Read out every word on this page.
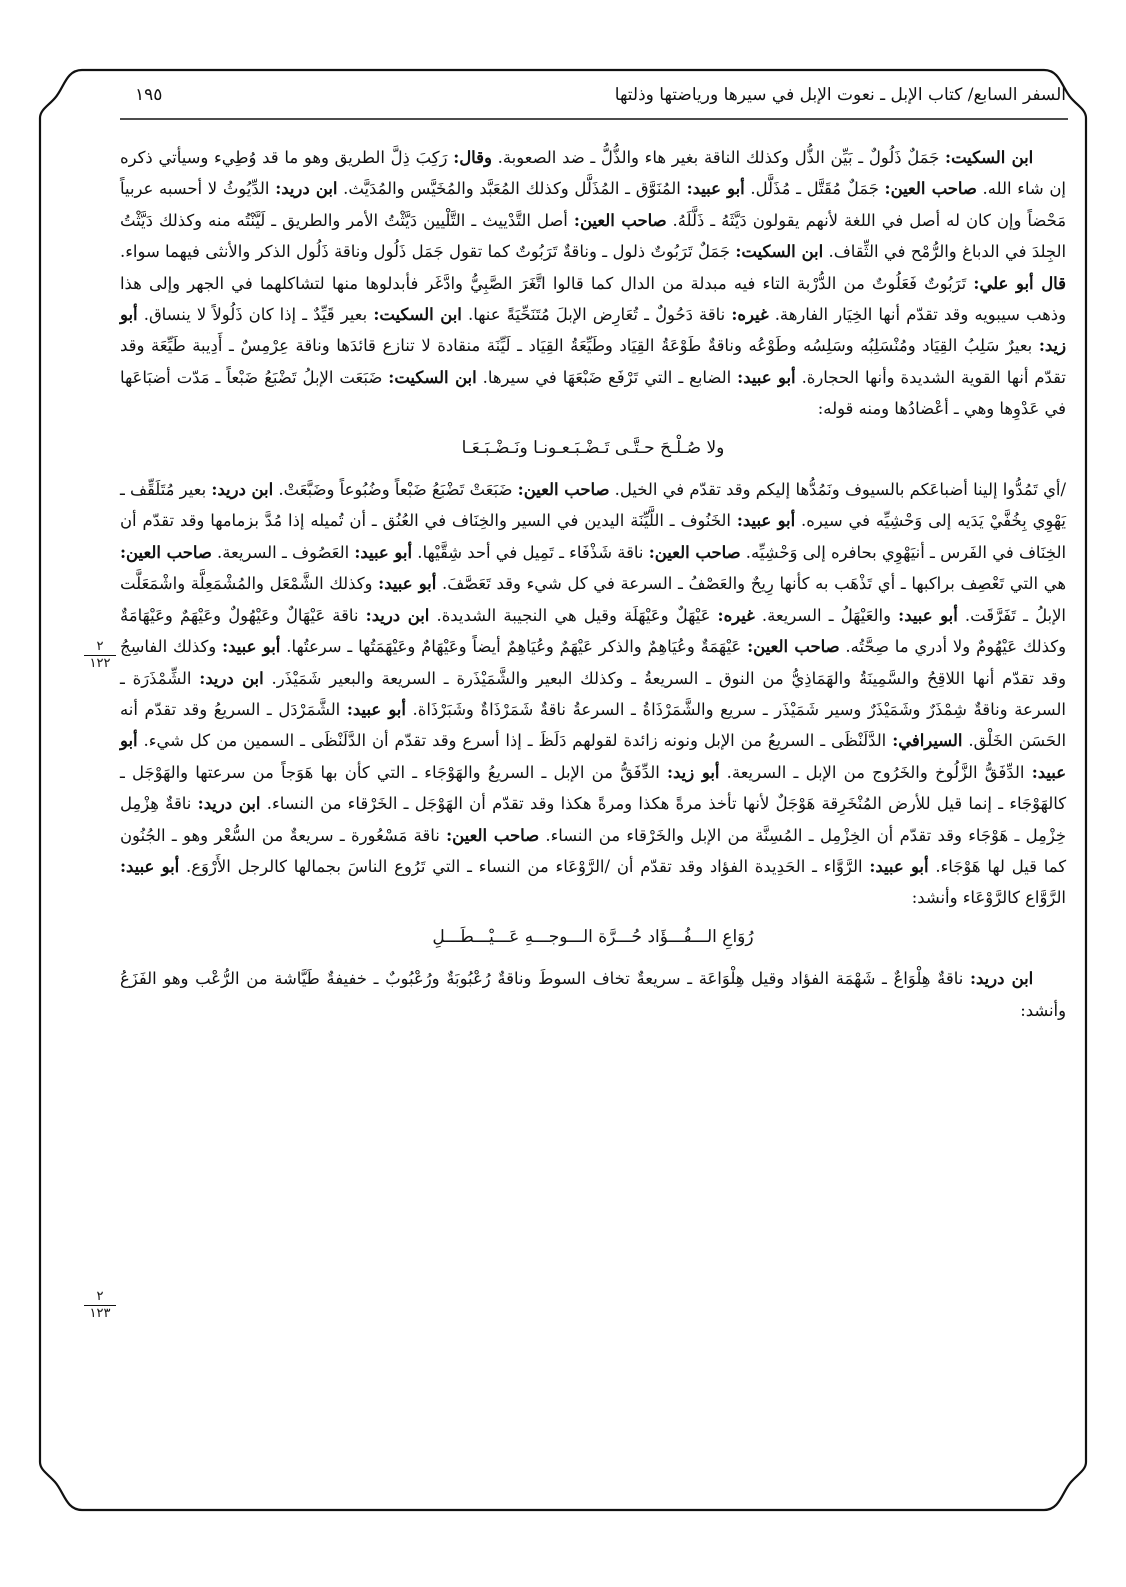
السفر السابع/ كتاب الإبل ـ نعوت الإبل في سيرها ورياضتها وذلتها
١٩٥
٢
١٢٢
٢
١٢٣

ابن السكيت: جَمَلٌ ذَلُولٌ ـ بَيِّن الذُّل وكذلك الناقة بغير هاء والذُّلُّ ـ ضد الصعوبة. وقال: رَكِبَ ذِلَّ الطريق وهو ما قد وُطِيء وسيأتي ذكره إن شاء الله. صاحب العين: جَمَلٌ مُقَتَّل ـ مُذَلَّل. أبو عبيد: المُنَوَّق ـ المُذَلَّل وكذلك المُعَبَّد والمُخَيَّس والمُدَيَّث. ابن دريد: الدِّيُوثُ لا أحسبه عربياً مَحْضاً وإن كان له أصل في اللغة لأنهم يقولون دَيَّثَهُ ـ ذَلَّلَهُ. صاحب العين: أصل التَّدْييث ـ التَّلْيين دَيَّثْتُ الأمر والطريق ـ لَيَّنْتُه منه وكذلك دَيَّثْتُ الجِلدَ في الدباغ والرُّمْح في الثِّقاف. ابن السكيت: جَمَلٌ تَرَبُوتٌ ذلول ـ وناقةٌ تَرَبُوتٌ كما تقول جَمَل ذَلُول وناقة ذَلُول الذكر والأنثى فيهما سواء. قال أبو علي: تَرَبُوتٌ فَعَلُوتٌ من الدُّرْبة التاء فيه مبدلة من الدال كما قالوا اتَّغَرَ الصَّبِيُّ وادَّغَر فأبدلوها منها لتشاكلهما في الجهر وإلى هذا وذهب سيبويه وقد تقدّم أنها الخِيَار الفارهة. غيره: ناقة دَحُولٌ ـ تُعَارِض الإبلَ مُتَنَحِّيَةً عنها. ابن السكيت: بعير قَيِّدٌ ـ إذا كان ذَلُولاً لا ينساق. أبو زيد: بعيرٌ سَلِبُ القِيَاد ومُنْسَلِبُه وسَلِسُه وطَوْعُه وناقةٌ طَوْعَةُ القِيَاد وطَيِّعَةُ القِيَاد ـ لَيِّنَة منقادة لا تنازع قائدَها وناقة عِرْمِسٌ ـ أَدِيبة طَيِّعَة وقد تقدّم أنها القوية الشديدة وأنها الحجارة. أبو عبيد: الضابع ـ التي تَرْفَع ضَبْعَهَا في سيرها. ابن السكيت: ضَبَعَت الإبلُ تَضْبَعُ ضَبْعاً ـ مَدّت أضبَاعَها في عَدْوِها وهي ـ أعْضادُها ومنه قوله:

ولا صُـلْـحَ حـتَّـى تَـضْـبَـعـونـا ونَـضْـبَـعَـا

/أي تَمُدُّوا إلينا أضباعَكم بالسيوف ونَمُدُّها إليكم وقد تقدّم في الخيل. صاحب العين: ضَبَعَتْ تَضْبَعُ ضَبْعاً وضُبُوعاً وضَبَّعَتْ. ابن دريد: بعير مُتَلَقِّف ـ يَهْوِي بِخُفَّيْ يَدَيه إلى وَحْشِيِّه في سيره. أبو عبيد: الخَنُوف ـ اللَّيِّنَة اليدين في السير والخِنَاف في العُنُق ـ أن تُميله إذا مُدَّ بزمامها وقد تقدّم أن الخِنَاف في الفَرس ـ أنيَهْوِي بحافره إلى وَحْشِيِّه. صاحب العين: ناقة شَذْفَاء ـ تَمِيل في أحد شِقَّيْها. أبو عبيد: العَصُوف ـ السريعة. صاحب العين: هي التي تَعْصِف براكبها ـ أي تَذْهَب به كأنها رِيحٌ والعَصْفُ ـ السرعة في كل شيء وقد تَعَصَّفَ. أبو عبيد: وكذلك الشَّمْعَل والمُشْمَعِلَّة واشْمَعَلَّت الإبلُ ـ تَفَرَّقَت. أبو عبيد: والعَيْهَلُ ـ السريعة. غيره: عَيْهَلٌ وعَيْهَلَة وقيل هي النجيبة الشديدة. ابن دريد: ناقة عَيْهَالٌ وعَيْهُولٌ وعَيْهَمٌ وعَيْهَامَةٌ وكذلك عَيْهُومٌ ولا أدري ما صِحَّتُه. صاحب العين: عَيْهَمَةٌ وعُيَاهِمٌ والذكر عَيْهَمٌ وعُيَاهِمٌ أيضاً وعَيْهَامٌ وعَيْهَمَتُها ـ سرعتُها. أبو عبيد: وكذلك الفاسِجُ وقد تقدّم أنها اللاقِحُ والسَّمِينَةُ والهَمَاذِيُّ من النوق ـ السريعةُ ـ وكذلك البعير والشَّمَيْذَرة ـ السريعة والبعير شَمَيْذَر. ابن دريد: الشِّمْذَرَة ـ السرعة وناقةٌ شِمْذَرٌ وشَمَيْذَرٌ وسير شَمَيْذَر ـ سريع والشَّمَرْذَاةُ ـ السرعةُ ناقةٌ شَمَرْذَاةٌ وشَبَرْذَاة. أبو عبيد: الشَّمَرْدَل ـ السريعُ وقد تقدّم أنه الحَسَن الخَلْق. السيرافي: الدَّلَنْظَى ـ السريعُ من الإبل ونونه زائدة لقولهم دَلَظَ ـ إذا أسرع وقد تقدّم أن الدَّلَنْظَى ـ السمين من كل شيء. أبو عبيد: الدِّفَقُّ الزَّلُوخ والخَرُوج من الإبل ـ السريعة. أبو زيد: الدِّفَقُّ من الإبل ـ السريعُ والهَوْجَاء ـ التي كأن بها هَوَجاً من سرعتها والهَوْجَل ـ كالهَوْجَاء ـ إنما قيل للأرض المُنْخَرِقة هَوْجَلٌ لأنها تأخذ مرةً هكذا ومرةً هكذا وقد تقدّم أن الهَوْجَل ـ الخَرْقاء من النساء. ابن دريد: ناقةٌ هِزْمِل خِزْمِل ـ هَوْجَاء وقد تقدّم أن الخِزْمِل ـ المُسِنَّة من الإبل والخَرْقاء من النساء. صاحب العين: ناقة مَسْعُورة ـ سريعةٌ من السُّعْر وهو ـ الجُنُون كما قيل لها هَوْجَاء. أبو عبيد: الرَّوَّاء ـ الحَدِيدة الفؤاد وقد تقدّم أن /الرَّوْعَاء من النساء ـ التي تَرُوع الناسَ بجمالها كالرجل الأَرْوَع. أبو عبيد: الرَّوَّاع كالرَّوْعَاء وأنشد:

رُوَاعِ الـــفُـــؤَاد حُـــرَّة الـــوجـــهِ عَـــيْـــطَـــلِ

ابن دريد: ناقةٌ هِلْوَاعٌ ـ شَهْمَة الفؤاد وقيل هِلْوَاعَة ـ سريعةٌ تخاف السوطَ وناقةٌ رُعْبُوبَةٌ ورُعْبُوبٌ ـ خفيفةٌ طَيَّاشة من الرُّعْب وهو الفَزَعُ وأنشد:
